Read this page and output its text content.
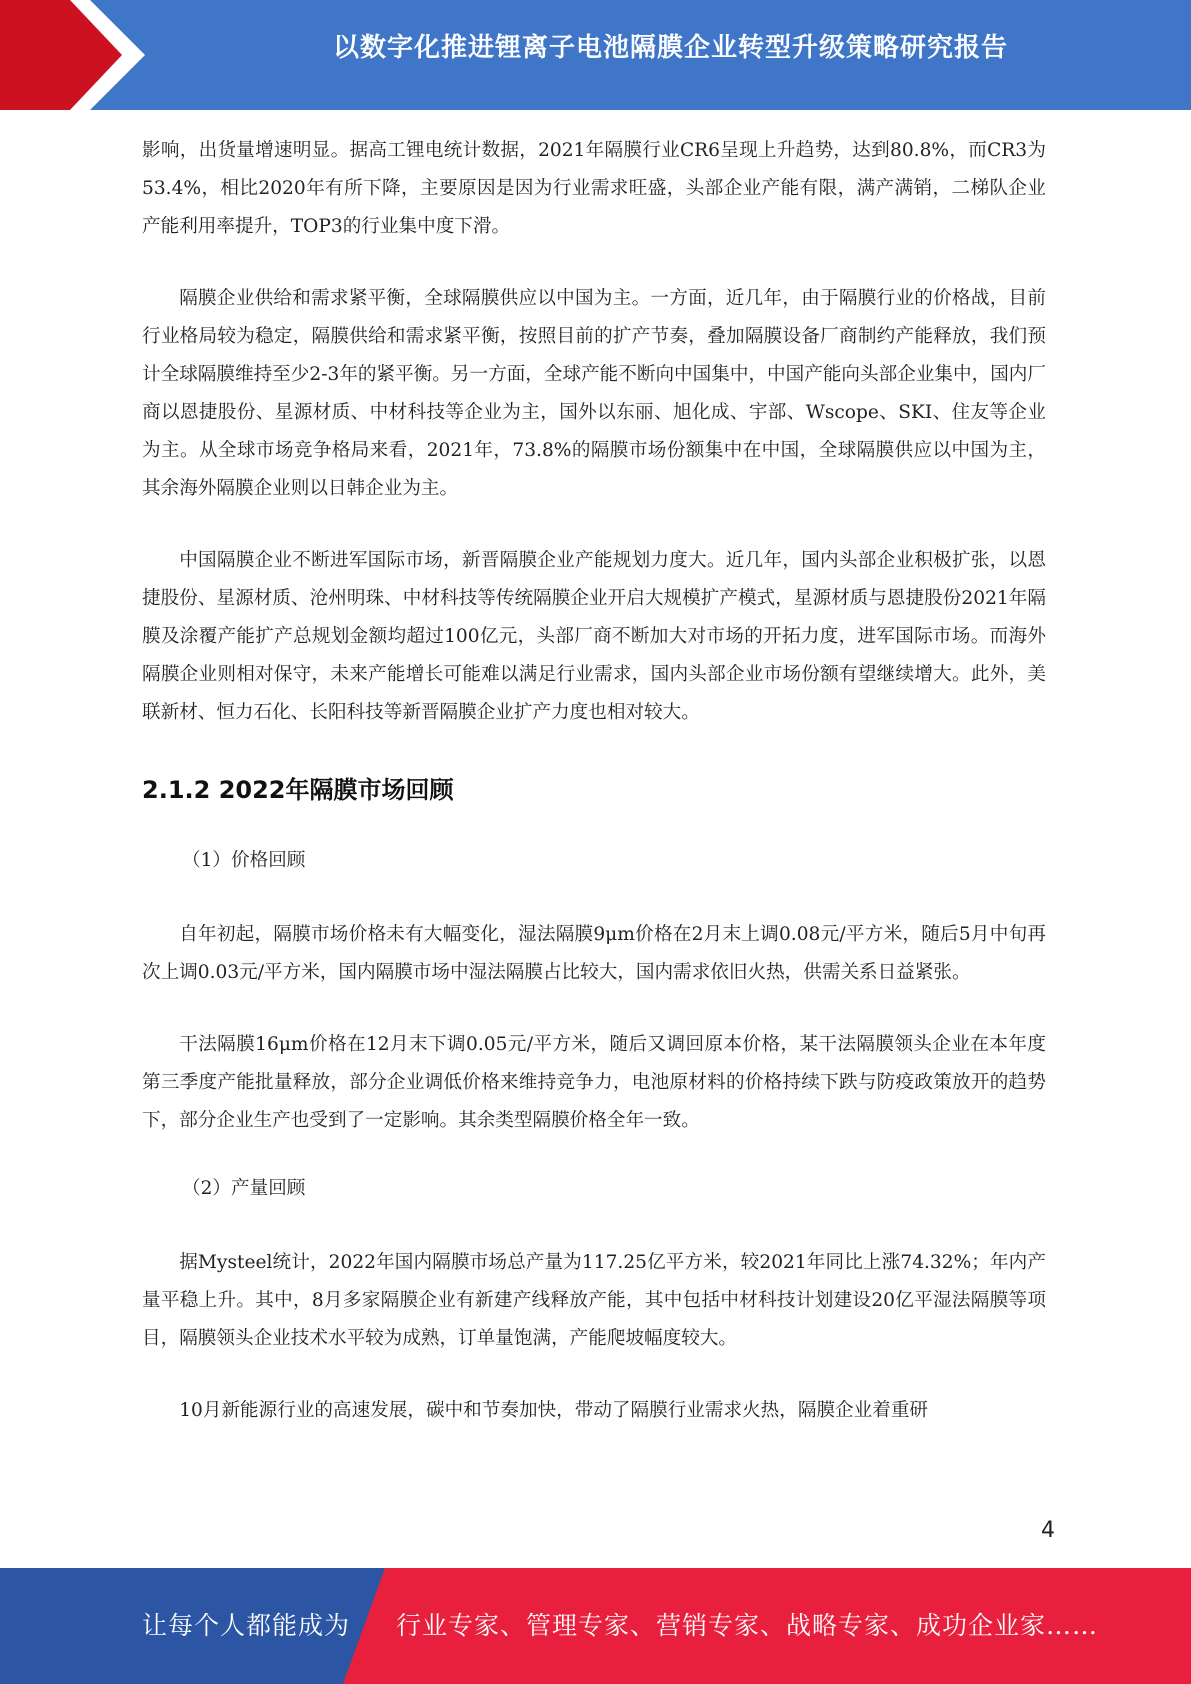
以数字化推进锂离子电池隔膜企业转型升级策略研究报告

影响，出货量增速明显。据高工锂电统计数据，2021年隔膜行业CR6呈现上升趋势，达到80.8%，而CR3为53.4%，相比2020年有所下降，主要原因是因为行业需求旺盛，头部企业产能有限，满产满销，二梯队企业产能利用率提升，TOP3的行业集中度下滑。

隔膜企业供给和需求紧平衡，全球隔膜供应以中国为主。一方面，近几年，由于隔膜行业的价格战，目前行业格局较为稳定，隔膜供给和需求紧平衡，按照目前的扩产节奏，叠加隔膜设备厂商制约产能释放，我们预计全球隔膜维持至少2-3年的紧平衡。另一方面，全球产能不断向中国集中，中国产能向头部企业集中，国内厂商以恩捷股份、星源材质、中材科技等企业为主，国外以东丽、旭化成、宇部、Wscope、SKI、住友等企业为主。从全球市场竞争格局来看，2021年，73.8%的隔膜市场份额集中在中国，全球隔膜供应以中国为主，其余海外隔膜企业则以日韩企业为主。

中国隔膜企业不断进军国际市场，新晋隔膜企业产能规划力度大。近几年，国内头部企业积极扩张，以恩捷股份、星源材质、沧州明珠、中材科技等传统隔膜企业开启大规模扩产模式，星源材质与恩捷股份2021年隔膜及涂覆产能扩产总规划金额均超过100亿元，头部厂商不断加大对市场的开拓力度，进军国际市场。而海外隔膜企业则相对保守，未来产能增长可能难以满足行业需求，国内头部企业市场份额有望继续增大。此外，美联新材、恒力石化、长阳科技等新晋隔膜企业扩产力度也相对较大。

2.1.2 2022年隔膜市场回顾

（1）价格回顾

自年初起，隔膜市场价格未有大幅变化，湿法隔膜9μm价格在2月末上调0.08元/平方米，随后5月中旬再次上调0.03元/平方米，国内隔膜市场中湿法隔膜占比较大，国内需求依旧火热，供需关系日益紧张。

干法隔膜16μm价格在12月末下调0.05元/平方米，随后又调回原本价格，某干法隔膜领头企业在本年度第三季度产能批量释放，部分企业调低价格来维持竞争力，电池原材料的价格持续下跌与防疫政策放开的趋势下，部分企业生产也受到了一定影响。其余类型隔膜价格全年一致。

（2）产量回顾

据Mysteel统计，2022年国内隔膜市场总产量为117.25亿平方米，较2021年同比上涨74.32%；年内产量平稳上升。其中，8月多家隔膜企业有新建产线释放产能，其中包括中材科技计划建设20亿平湿法隔膜等项目，隔膜领头企业技术水平较为成熟，订单量饱满，产能爬坡幅度较大。

10月新能源行业的高速发展，碳中和节奏加快，带动了隔膜行业需求火热，隔膜企业着重研

4
让每个人都能成为 行业专家、管理专家、营销专家、战略专家、成功企业家……
